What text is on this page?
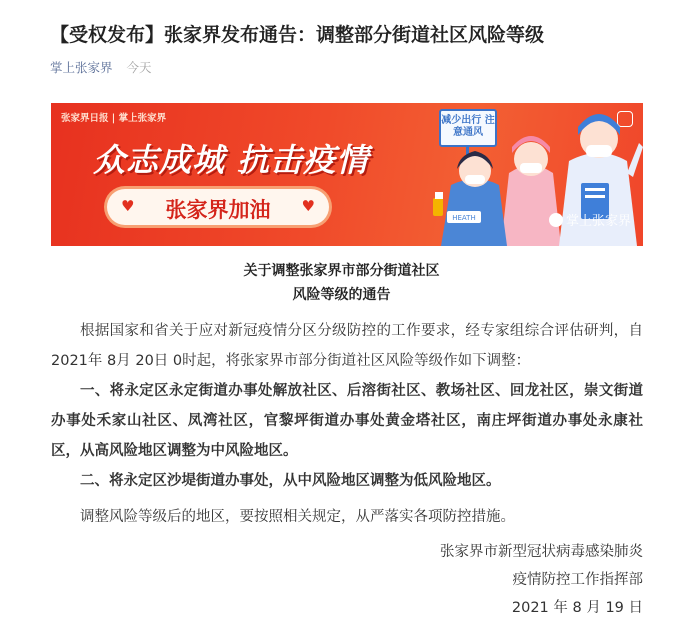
【受权发布】张家界发布通告：调整部分街道社区风险等级
掌上张家界 今天
张家界日报 | 掌上张家界
众志成城 抗击疫情
♥	张家界加油	♥
HEATH
减少出行 注意通风
掌上张家界
关于调整张家界市部分街道社区
风险等级的通告
根据国家和省关于应对新冠疫情分区分级防控的工作要求，经专家组综合评估研判，自2021年 8月 20日 0时起，将张家界市部分街道社区风险等级作如下调整：
一、将永定区永定街道办事处解放社区、后溶街社区、教场社区、回龙社区，崇文街道办事处禾家山社区、凤湾社区，官黎坪街道办事处黄金塔社区，南庄坪街道办事处永康社区，从高风险地区调整为中风险地区。
二、将永定区沙堤街道办事处，从中风险地区调整为低风险地区。
调整风险等级后的地区，要按照相关规定，从严落实各项防控措施。
张家界市新型冠状病毒感染肺炎
疫情防控工作指挥部
2021 年 8 月 19 日
